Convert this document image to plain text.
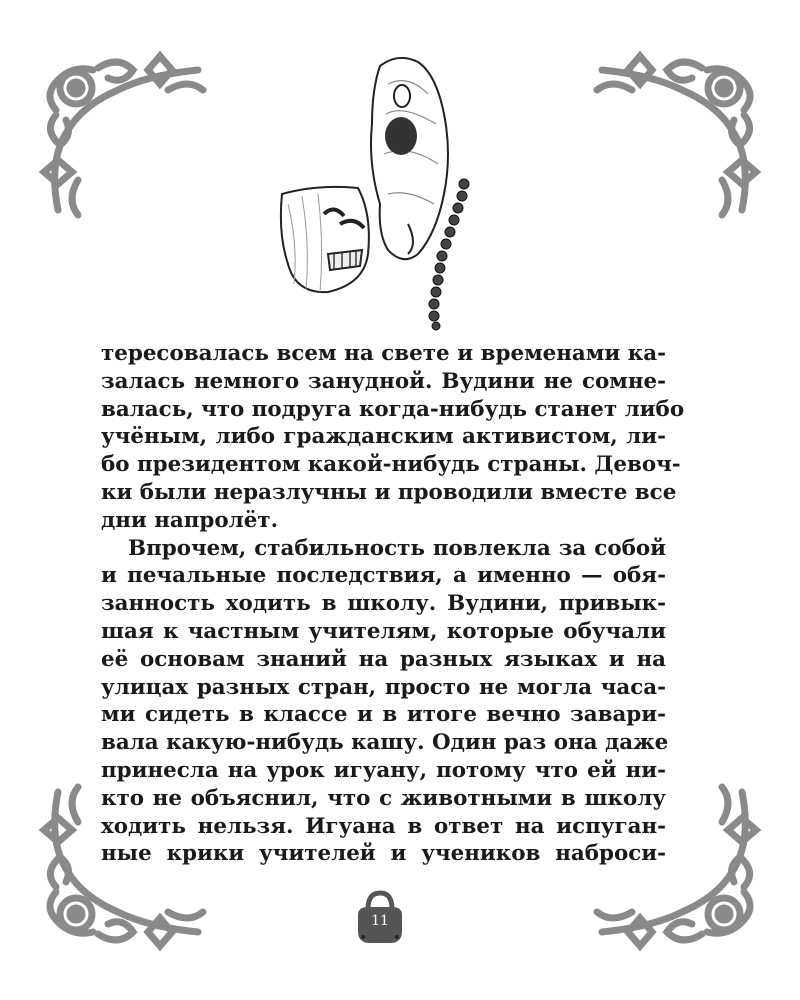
тересовалась всем на свете и временами ка-
залась немного занудной. Вудини не сомне-
валась, что подруга когда-нибудь станет либо
учёным, либо гражданским активистом, ли-
бо президентом какой-нибудь страны. Девоч-
ки были неразлучны и проводили вместе все
дни напролёт.
Впрочем, стабильность повлекла за собой
и печальные последствия, а именно — обя-
занность ходить в школу. Вудини, привык-
шая к частным учителям, которые обучали
её основам знаний на разных языках и на
улицах разных стран, просто не могла часа-
ми сидеть в классе и в итоге вечно завари-
вала какую-нибудь кашу. Один раз она даже
принесла на урок игуану, потому что ей ни-
кто не объяснил, что с животными в школу
ходить нельзя. Игуана в ответ на испуган-
ные крики учителей и учеников наброси-
11
